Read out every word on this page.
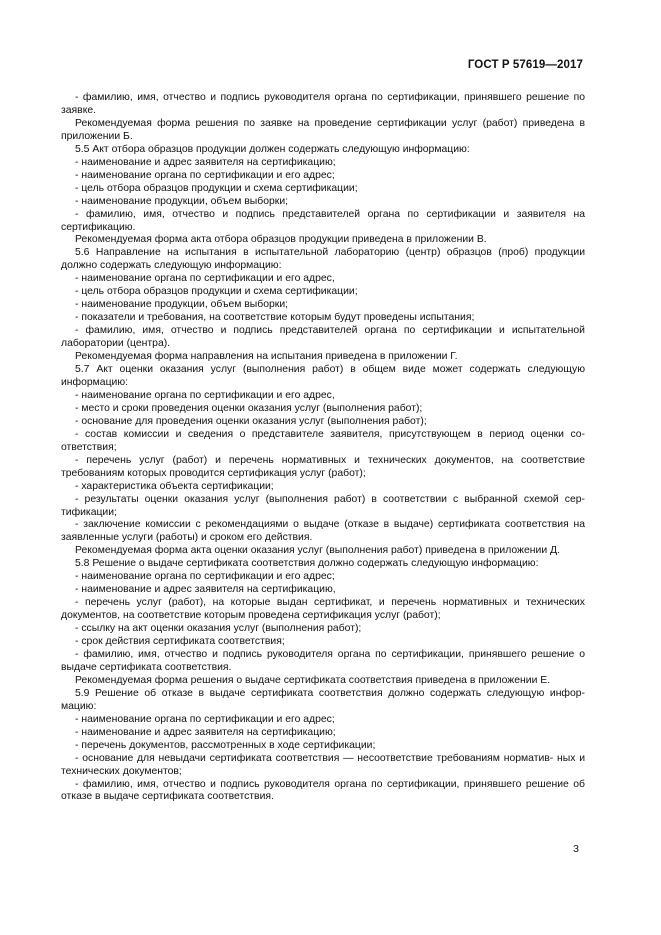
ГОСТ Р 57619—2017

- фамилию, имя, отчество и подпись руководителя органа по сертификации, принявшего решение по заявке.

Рекомендуемая форма решения по заявке на проведение сертификации услуг (работ) приведена в приложении Б.

5.5 Акт отбора образцов продукции должен содержать следующую информацию:

- наименование и адрес заявителя на сертификацию;

- наименование органа по сертификации и его адрес;

- цель отбора образцов продукции и схема сертификации;

- наименование продукции, объем выборки;

- фамилию, имя, отчество и подпись представителей органа по сертификации и заявителя на сертификацию.

Рекомендуемая форма акта отбора образцов продукции приведена в приложении В.

5.6 Направление на испытания в испытательной лабораторию (центр) образцов (проб) продукции должно содержать следующую информацию:

- наименование органа по сертификации и его адрес,

- цель отбора образцов продукции и схема сертификации;

- наименование продукции, объем выборки;

- показатели и требования, на соответствие которым будут проведены испытания;

- фамилию, имя, отчество и подпись представителей органа по сертификации и испытательной лаборатории (центра).

Рекомендуемая форма направления на испытания приведена в приложении Г.

5.7 Акт оценки оказания услуг (выполнения работ) в общем виде может содержать следующую информацию:

- наименование органа по сертификации и его адрес,

- место и сроки проведения оценки оказания услуг (выполнения работ);

- основание для проведения оценки оказания услуг (выполнения работ);

- состав комиссии и сведения о представителе заявителя, присутствующем в период оценки со- ответствия;

- перечень услуг (работ) и перечень нормативных и технических документов, на соответствие требованиям которых проводится сертификация услуг (работ);

- характеристика объекта сертификации;

- результаты оценки оказания услуг (выполнения работ) в соответствии с выбранной схемой сер- тификации;

- заключение комиссии с рекомендациями о выдаче (отказе в выдаче) сертификата соответствия на заявленные услуги (работы) и сроком его действия.

Рекомендуемая форма акта оценки оказания услуг (выполнения работ) приведена в приложении Д.

5.8 Решение о выдаче сертификата соответствия должно содержать следующую информацию:

- наименование органа по сертификации и его адрес;

- наименование и адрес заявителя на сертификацию,

- перечень услуг (работ), на которые выдан сертификат, и перечень нормативных и технических документов, на соответствие которым проведена сертификация услуг (работ);

- ссылку на акт оценки оказания услуг (выполнения работ);

- срок действия сертификата соответствия;

- фамилию, имя, отчество и подпись руководителя органа по сертификации, принявшего решение о выдаче сертификата соответствия.

Рекомендуемая форма решения о выдаче сертификата соответствия приведена в приложении Е.

5.9 Решение об отказе в выдаче сертификата соответствия должно содержать следующую инфор- мацию:

- наименование органа по сертификации и его адрес;

- наименование и адрес заявителя на сертификацию;

- перечень документов, рассмотренных в ходе сертификации;

- основание для невыдачи сертификата соответствия — несоответствие требованиям норматив- ных и технических документов;

- фамилию, имя, отчество и подпись руководителя органа по сертификации, принявшего решение об отказе в выдаче сертификата соответствия.

3
